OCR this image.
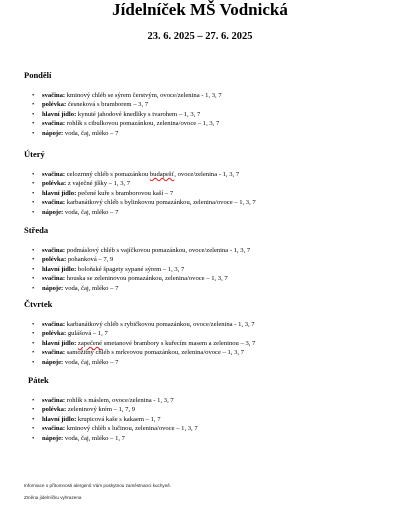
Jídelníček MŠ Vodnická
23. 6. 2025 – 27. 6. 2025
Pondělí
• svačina: kminový chléb se sýrem čerstvým, ovoce/zelenina - 1, 3, 7
• polévka: česneková s bramborem – 3, 7
• hlavní jídlo: kynuté jahodové knedlíky s tvarohem – 1, 3, 7
• svačina: rohlík s cibulkovou pomazánkou, zelenina/ovoce – 1, 3, 7
• nápoje: voda, čaj, mléko – 7
Úterý
• svačina: celozrnný chléb s pomazánkou budapešť, ovoce/zelenina - 1, 3, 7
• polévka: z vaječné jíšky – 1, 3, 7
• hlavní jídlo: pečené kuře s bramborovou kaší – 7
• svačina: karbanátkový chléb s bylinkovou pomazánkou, zelenina/ovoce – 1, 3, 7
• nápoje: voda, čaj, mléko – 7
Středa
• svačina: podmáslový chléb s vajíčkovou pomazánkou, ovoce/zelenina - 1, 3, 7
• polévka: pohanková – 7, 9
• hlavní jídlo: boloňské špagety sypané sýrem – 1, 3, 7
• svačina: houska se zeleninovou pomazánkou, zelenina/ovoce – 1, 3, 7
• nápoje: voda, čaj, mléko – 7
Čtvrtek
• svačina: karbanátkový chléb s rybičkovou pomazánkou, ovoce/zelenina - 1, 3, 7
• polévka: gulášová – 1, 7
• hlavní jídlo: zapečené smetanové brambory s kuřecím masem a zeleninou – 3, 7
• svačina: samožitný chléb s mrkvovou pomazánkou, zelenina/ovoce – 1, 3, 7
• nápoje: voda, čaj, mléko – 7
Pátek
• svačina: rohlík s máslem, ovoce/zelenina - 1, 3, 7
• polévka: zeleninový krém – 1, 7, 9
• hlavní jídlo: krupicová kaše s kakaem – 1, 7
• svačina: kminový chléb s lučinou, zelenina/ovoce – 1, 3, 7
• nápoje: voda, čaj, mléko – 1, 7
Informace o přítomnosti alergenů Vám poskytnou zaměstnanci kuchyně.
Změna jídelníčku vyhrazena
